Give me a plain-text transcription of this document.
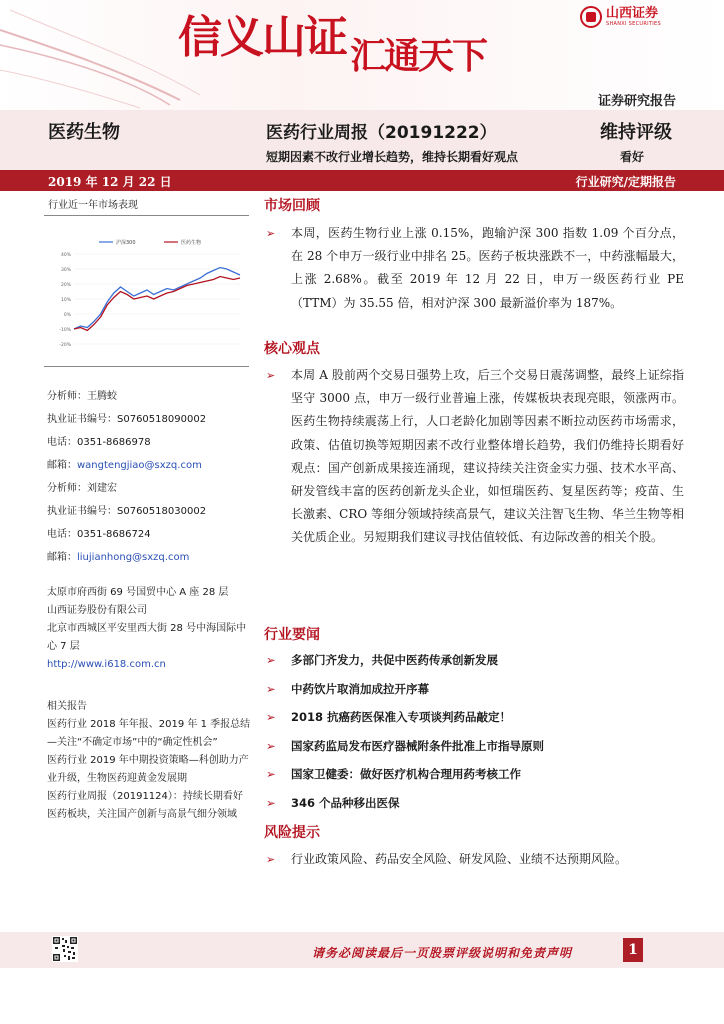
信义山证 $_{汇通天下}$
山西证券
SHANXI SECURITIES
证券研究报告
医药生物	医药行业周报（20191222）	维持评级
短期因素不改行业增长趋势，维持长期看好观点	看好
2019 年 12 月 22 日	行业研究/定期报告
行业近一年市场表现
-20%
-10%
0%
10%
20%
30%
40%
沪深300	医药生物
分析师：王腾蛟
执业证书编号：S0760518090002
电话：0351-8686978
邮箱：wangtengjiao@sxzq.com
分析师：刘建宏
执业证书编号：S0760518030002
电话：0351-8686724
邮箱：liujianhong@sxzq.com
太原市府西街 69 号国贸中心 A 座 28 层
山西证券股份有限公司
北京市西城区平安里西大街 28 号中海国际中心 7 层
http://www.i618.com.cn
相关报告
医药行业 2018 年年报、2019 年 1 季报总结—关注“不确定市场”中的“确定性机会”
医药行业 2019 年中期投资策略—科创助力产业升级，生物医药迎黄金发展期
医药行业周报（20191124）：持续长期看好医药板块，关注国产创新与高景气细分领域
市场回顾
➢	本周，医药生物行业上涨 0.15%，跑输沪深 300 指数 1.09 个百分点，在 28 个申万一级行业中排名 25。医药子板块涨跌不一，中药涨幅最大，上涨 2.68%。截至 2019 年 12 月 22 日，申万一级医药行业 PE（TTM）为 35.55 倍，相对沪深 300 最新溢价率为 187%。
核心观点
➢	本周 A 股前两个交易日强势上攻，后三个交易日震荡调整，最终上证综指坚守 3000 点，申万一级行业普遍上涨，传媒板块表现亮眼，领涨两市。医药生物持续震荡上行，人口老龄化加剧等因素不断拉动医药市场需求，政策、估值切换等短期因素不改行业整体增长趋势，我们仍维持长期看好观点：国产创新成果接连涌现，建议持续关注资金实力强、技术水平高、研发管线丰富的医药创新龙头企业，如恒瑞医药、复星医药等；疫苗、生长激素、CRO 等细分领域持续高景气，建议关注智飞生物、华兰生物等相关优质企业。另短期我们建议寻找估值较低、有边际改善的相关个股。
行业要闻
➢ 多部门齐发力，共促中医药传承创新发展
➢ 中药饮片取消加成拉开序幕
➢ 2018 抗癌药医保准入专项谈判药品敲定！
➢ 国家药监局发布医疗器械附条件批准上市指导原则
➢ 国家卫健委：做好医疗机构合理用药考核工作
➢ 346 个品种移出医保
风险提示
➢	行业政策风险、药品安全风险、研发风险、业绩不达预期风险。
请务必阅读最后一页股票评级说明和免责声明	1
